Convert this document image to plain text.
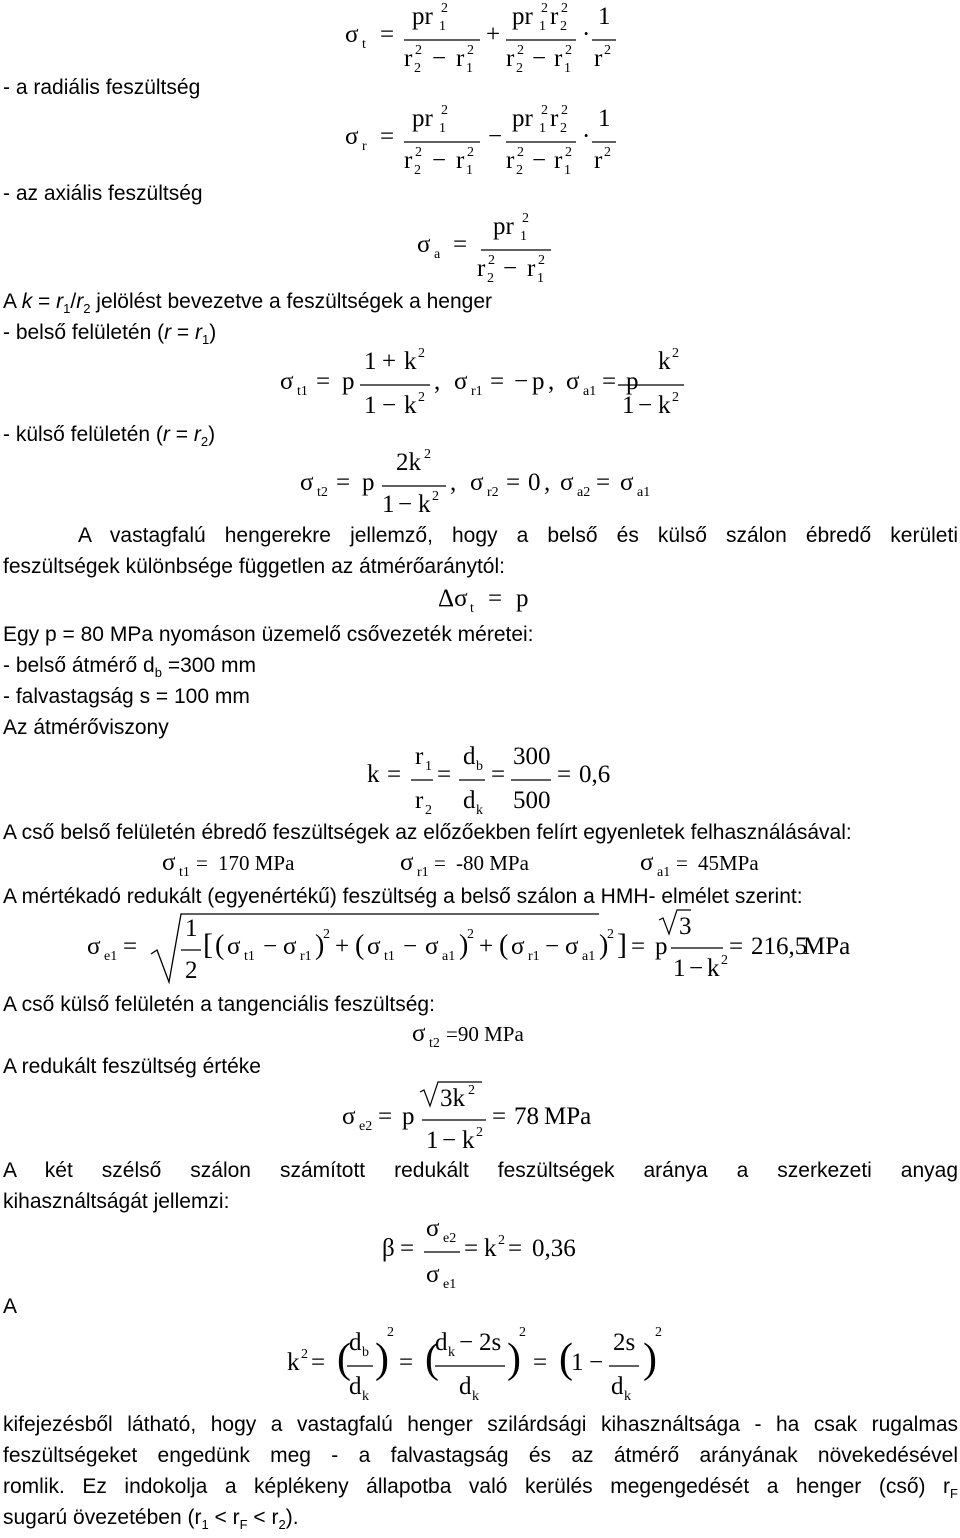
σ t =
pr 1
2
r 2
2 − r 1
2
+
pr 1
2 r 2
2
r 2
2 − r 1
2
·
1
r 2
- a radiális feszültség
σ r =
pr 1
2
r 2
2 − r 1
2
−
pr 1
2 r 2
2
r 2
2 − r 1
2
·
1
r 2
- az axiális feszültség
σ a =
pr 1
2
r 2
2 − r 1
2
A $k = r_1/r_2$ jelölést bevezetve a feszültségek a henger
- belső felületén $(r = r_1)$
σ t1 = p
1 + k 2
1 − k 2
, σ r1 = − p , σ a1 = p
k 2
1 − k 2
- külső felületén $(r = r_2)$
σ t2 = p
2k 2
1 − k 2
, σ r2 = 0 , σ a2 = σ a1
A vastagfalú hengerekre jellemző, hogy a belső és külső szálon ébredő kerületi
feszültségek különbsége független az átmérőaránytól:
Δσ t = p
Egy p = 80 MPa nyomáson üzemelő csővezeték méretei:
- belső átmérő $d_b =300$ mm
- falvastagság s = 100 mm
Az átmérőviszony
k =
r 1
r 2
=
d b
d k
=
300
500
= 0,6
A cső belső felületén ébredő feszültségek az előzőekben felírt egyenletek felhasználásával:
σ t1 = 170 MPa	σ r1 = -80 MPa	σ a1 = 45MPa
A mértékadó redukált (egyenértékű) feszültség a belső szálon a HMH- elmélet szerint:
σ e1 =
1
2
[ ( σ t1 − σ r1 )
2 + ( σ t1 − σ a1 )
2 + ( σ r1 − σ a1 )
2 ] = p
3
1 − k 2
= 216,5
MPa
A cső külső felületén a tangenciális feszültség:
σ t2 =90 MPa
A redukált feszültség értéke
σ e2 = p
3k 2
1 − k 2
= 78 MPa
A két szélső szálon számított redukált feszültségek aránya a szerkezeti anyag
kihasználtságát jellemzi:
β =
σ e2
σ e1
= k 2 = 0,36
A
k 2 = (
d b
d k
)
2
= (
d k − 2s
d k
)
2
= (
1 −
2s
d k
)
2
kifejezésből látható, hogy a vastagfalú henger szilárdsági kihasználtsága - ha csak rugalmas
feszültségeket engedünk meg - a falvastagság és az átmérő arányának növekedésével
romlik. Ez indokolja a képlékeny állapotba való kerülés megengedését a henger (cső) $r_F$
sugarú övezetében $(r_1 < r_F < r_2)$.
